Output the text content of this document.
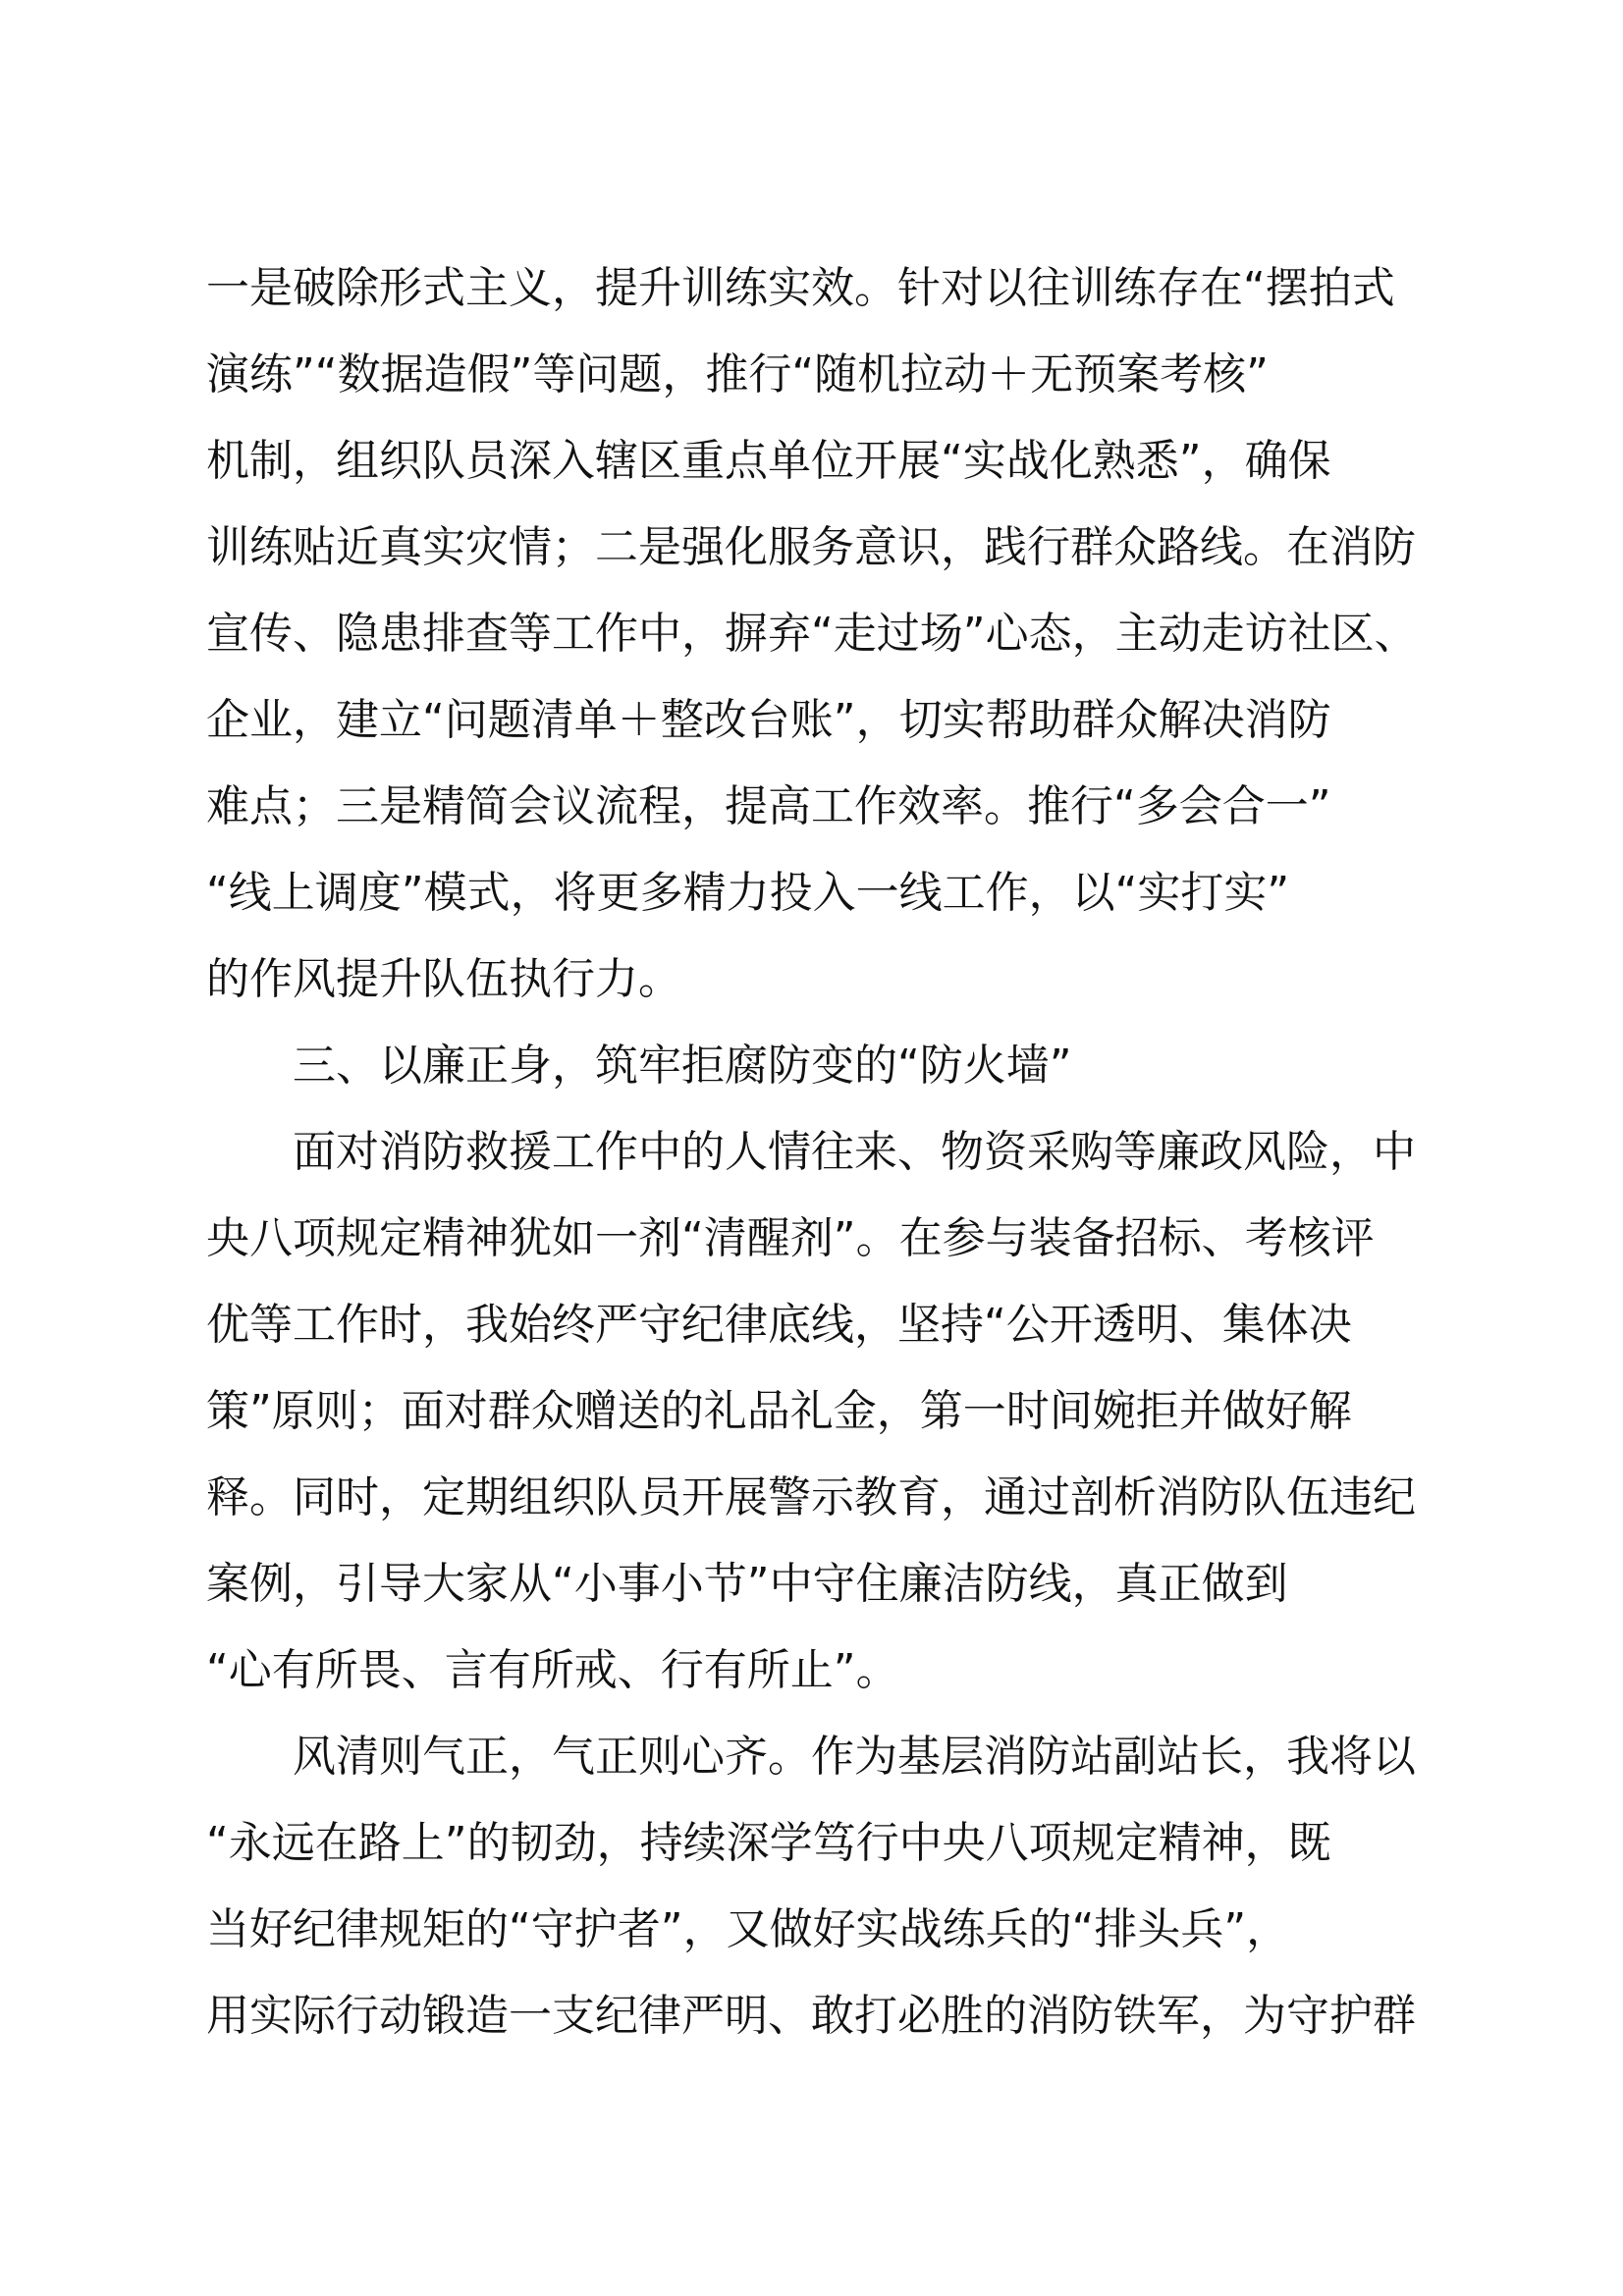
一是破除形式主义，提升训练实效。针对以往训练存在“摆拍式
演练”“数据造假”等问题，推行“随机拉动＋无预案考核”
机制，组织队员深入辖区重点单位开展“实战化熟悉”，确保
训练贴近真实灾情；二是强化服务意识，践行群众路线。在消防
宣传、隐患排查等工作中，摒弃“走过场”心态，主动走访社区、
企业，建立“问题清单＋整改台账”，切实帮助群众解决消防
难点；三是精简会议流程，提高工作效率。推行“多会合一”
“线上调度”模式，将更多精力投入一线工作，以“实打实”
的作风提升队伍执行力。
　　三、以廉正身，筑牢拒腐防变的“防火墙”
　　面对消防救援工作中的人情往来、物资采购等廉政风险，中
央八项规定精神犹如一剂“清醒剂”。在参与装备招标、考核评
优等工作时，我始终严守纪律底线，坚持“公开透明、集体决
策”原则；面对群众赠送的礼品礼金，第一时间婉拒并做好解
释。同时，定期组织队员开展警示教育，通过剖析消防队伍违纪
案例，引导大家从“小事小节”中守住廉洁防线，真正做到
“心有所畏、言有所戒、行有所止”。
　　风清则气正，气正则心齐。作为基层消防站副站长，我将以
“永远在路上”的韧劲，持续深学笃行中央八项规定精神，既
当好纪律规矩的“守护者”，又做好实战练兵的“排头兵”，
用实际行动锻造一支纪律严明、敢打必胜的消防铁军，为守护群
